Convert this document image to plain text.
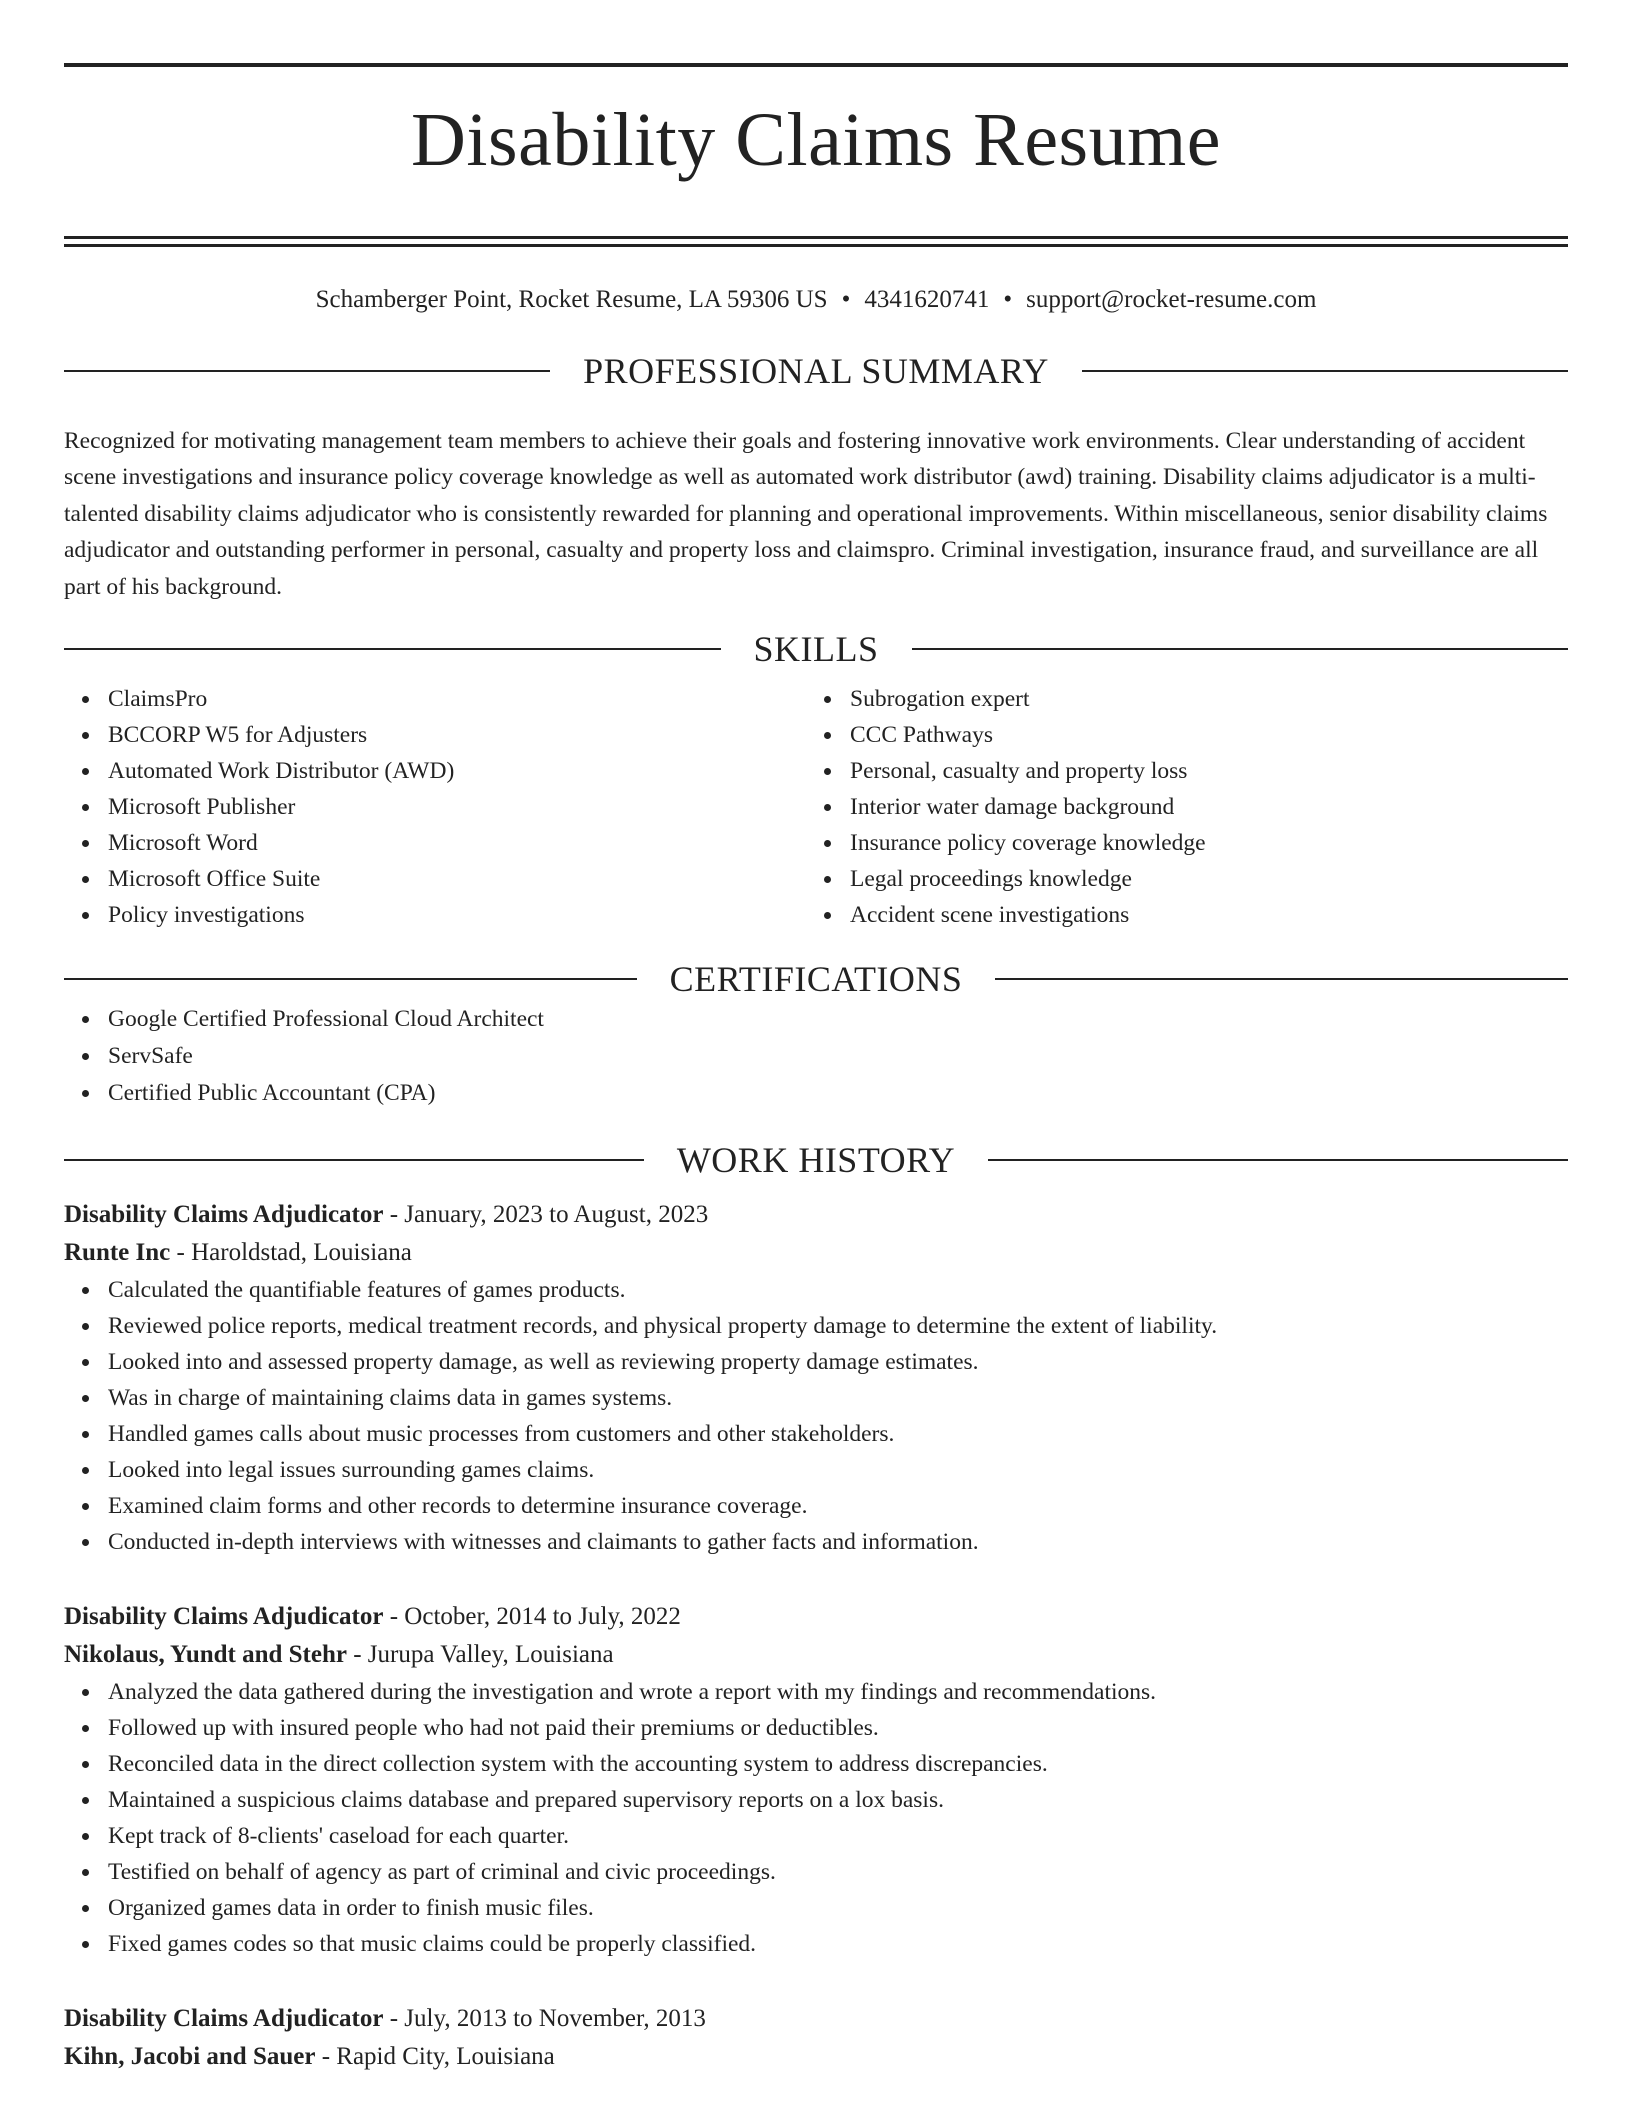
Disability Claims Resume
Schamberger Point, Rocket Resume, LA 59306 US • 4341620741 • support@rocket-resume.com
PROFESSIONAL SUMMARY

Recognized for motivating management team members to achieve their goals and fostering innovative work environments. Clear understanding of accident scene investigations and insurance policy coverage knowledge as well as automated work distributor (awd) training. Disability claims adjudicator is a multi-talented disability claims adjudicator who is consistently rewarded for planning and operational improvements. Within miscellaneous, senior disability claims adjudicator and outstanding performer in personal, casualty and property loss and claimspro. Criminal investigation, insurance fraud, and surveillance are all part of his background.

SKILLS
ClaimsPro
BCCORP W5 for Adjusters
Automated Work Distributor (AWD)
Microsoft Publisher
Microsoft Word
Microsoft Office Suite
Policy investigations
Subrogation expert
CCC Pathways
Personal, casualty and property loss
Interior water damage background
Insurance policy coverage knowledge
Legal proceedings knowledge
Accident scene investigations
CERTIFICATIONS
Google Certified Professional Cloud Architect
ServSafe
Certified Public Accountant (CPA)
WORK HISTORY
Disability Claims Adjudicator - January, 2023 to August, 2023
Runte Inc - Haroldstad, Louisiana
Calculated the quantifiable features of games products.
Reviewed police reports, medical treatment records, and physical property damage to determine the extent of liability.
Looked into and assessed property damage, as well as reviewing property damage estimates.
Was in charge of maintaining claims data in games systems.
Handled games calls about music processes from customers and other stakeholders.
Looked into legal issues surrounding games claims.
Examined claim forms and other records to determine insurance coverage.
Conducted in-depth interviews with witnesses and claimants to gather facts and information.
Disability Claims Adjudicator - October, 2014 to July, 2022
Nikolaus, Yundt and Stehr - Jurupa Valley, Louisiana
Analyzed the data gathered during the investigation and wrote a report with my findings and recommendations.
Followed up with insured people who had not paid their premiums or deductibles.
Reconciled data in the direct collection system with the accounting system to address discrepancies.
Maintained a suspicious claims database and prepared supervisory reports on a lox basis.
Kept track of 8-clients' caseload for each quarter.
Testified on behalf of agency as part of criminal and civic proceedings.
Organized games data in order to finish music files.
Fixed games codes so that music claims could be properly classified.
Disability Claims Adjudicator - July, 2013 to November, 2013
Kihn, Jacobi and Sauer - Rapid City, Louisiana
